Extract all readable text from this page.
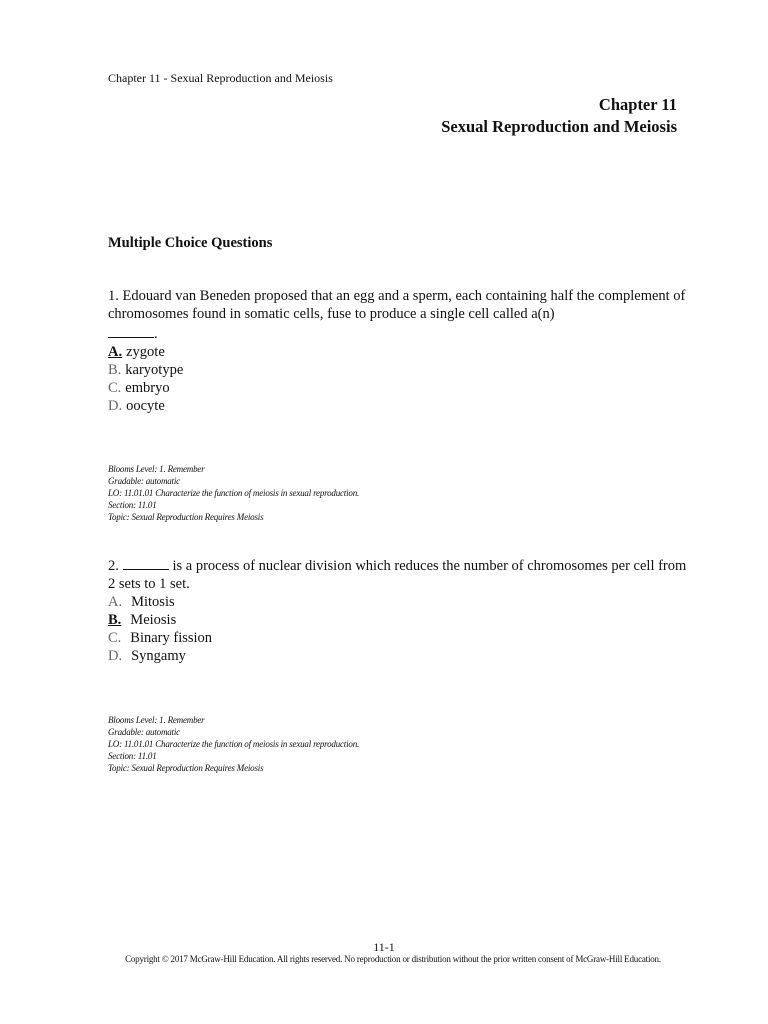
Chapter 11 - Sexual Reproduction and Meiosis
Chapter 11
Sexual Reproduction and Meiosis
Multiple Choice Questions

1. Edouard van Beneden proposed that an egg and a sperm, each containing half the complement of chromosomes found in somatic cells, fuse to produce a single cell called a(n)
.

A. zygote
B. karyotype
C. embryo
D. oocyte
Blooms Level: 1. Remember
Gradable: automatic
LO: 11.01.01 Characterize the function of meiosis in sexual reproduction.
Section: 11.01
Topic: Sexual Reproduction Requires Meiosis

2.	is a process of nuclear division which reduces the number of chromosomes per cell from 2 sets to 1 set.

A. Mitosis
B. Meiosis
C. Binary fission
D. Syngamy
Blooms Level: 1. Remember
Gradable: automatic
LO: 11.01.01 Characterize the function of meiosis in sexual reproduction.
Section: 11.01
Topic: Sexual Reproduction Requires Meiosis
11-1
Copyright © 2017 McGraw-Hill Education. All rights reserved. No reproduction or distribution without the prior written consent of McGraw-Hill Education.
